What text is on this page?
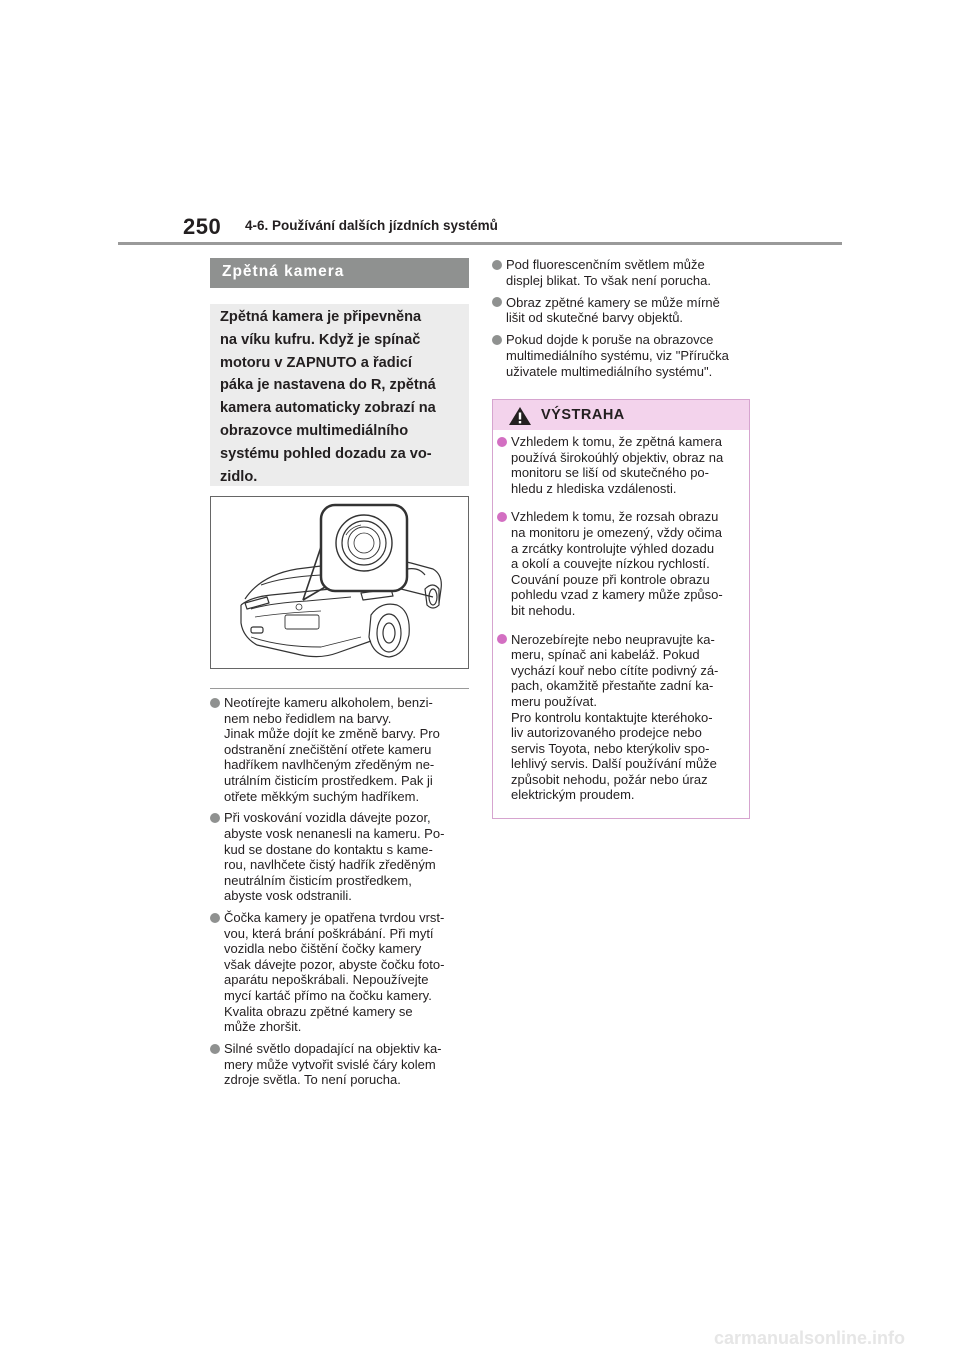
250 4-6. Používání dalších jízdních systémů
Zpětná kamera

Zpětná kamera je připevněna
na víku kufru. Když je spínač
motoru v ZAPNUTO a řadicí
páka je nastavena do R, zpětná
kamera automaticky zobrazí na
obrazovce multimediálního
systému pohled dozadu za vo-
zidlo.

Neotírejte kameru alkoholem, benzi-
nem nebo ředidlem na barvy.
Jinak může dojít ke změně barvy. Pro
odstranění znečištění otřete kameru
hadříkem navlhčeným zředěným ne-
utrálním čisticím prostředkem. Pak ji
otřete měkkým suchým hadříkem.
Při voskování vozidla dávejte pozor,
abyste vosk nenanesli na kameru. Po-
kud se dostane do kontaktu s kame-
rou, navlhčete čistý hadřík zředěným
neutrálním čisticím prostředkem,
abyste vosk odstranili.
Čočka kamery je opatřena tvrdou vrst-
vou, která brání poškrábání. Při mytí
vozidla nebo čištění čočky kamery
však dávejte pozor, abyste čočku foto-
aparátu nepoškrábali. Nepoužívejte
mycí kartáč přímo na čočku kamery.
Kvalita obrazu zpětné kamery se
může zhoršit.
Silné světlo dopadající na objektiv ka-
mery může vytvořit svislé čáry kolem
zdroje světla. To není porucha.
Pod fluorescenčním světlem může
displej blikat. To však není porucha.
Obraz zpětné kamery se může mírně
lišit od skutečné barvy objektů.
Pokud dojde k poruše na obrazovce
multimediálního systému, viz "Příručka
uživatele multimediálního systému".
VÝSTRAHA
Vzhledem k tomu, že zpětná kamera
používá širokoúhlý objektiv, obraz na
monitoru se liší od skutečného po-
hledu z hlediska vzdálenosti.
Vzhledem k tomu, že rozsah obrazu
na monitoru je omezený, vždy očima
a zrcátky kontrolujte výhled dozadu
a okolí a couvejte nízkou rychlostí.
Couvání pouze při kontrole obrazu
pohledu vzad z kamery může způso-
bit nehodu.
Nerozebírejte nebo neupravujte ka-
meru, spínač ani kabeláž. Pokud
vychází kouř nebo cítíte podivný zá-
pach, okamžitě přestaňte zadní ka-
meru používat.
Pro kontrolu kontaktujte kteréhoko-
liv autorizovaného prodejce nebo
servis Toyota, nebo kterýkoliv spo-
lehlivý servis. Další používání může
způsobit nehodu, požár nebo úraz
elektrickým proudem.
carmanualsonline.info
